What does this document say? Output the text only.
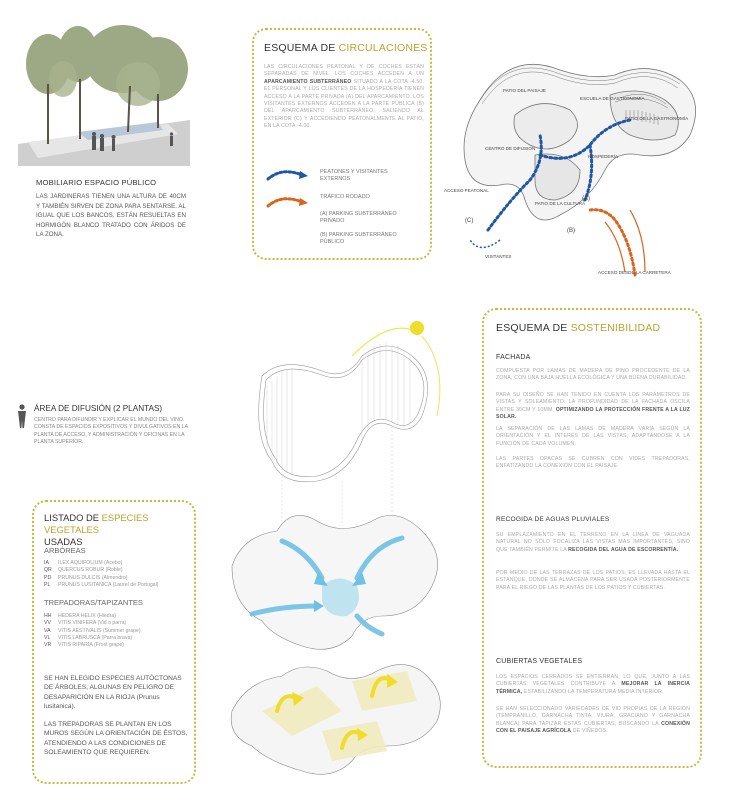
MOBILIARIO ESPACIO PÚBLICO
LAS JARDINERAS TIENEN UNA ALTURA DE 40CM Y TAMBIÉN SIRVEN DE ZONA PARA SENTARSE. AL IGUAL QUE LOS BANCOS, ESTÁN RESUELTAS EN HORMIGÓN BLANCO TRATADO CON ÁRIDOS DE LA ZONA.
ESQUEMA DE CIRCULACIONES
LAS CIRCULACIONES PEATONAL Y DE COCHES ESTÁN SEPARADAS DE NIVEL. LOS COCHES ACCEDEN A UN APARCAMIENTO SUBTERRÁNEO SITUADO A LA COTA -4.50. EL PERSONAL Y LOS CLIENTES DE LA HOSPEDERÍA TIENEN ACCESO A LA PARTE PRIVADA (A) DEL APARCAMIENTO. LOS VISITANTES EXTERNOS ACCEDEN A LA PARTE PÚBLICA (B) DEL APARCAMIENTO SUBTERRÁNEO, SALIENDO AL EXTERIOR (C) Y ACCEDIENDO PEATONALMENTE AL PATIO, EN LA COTA -4.00.
PEATONES Y VISITANTES EXTERNOS
TRÁFICO RODADO
(A) PARKING SUBTERRÁNEO PRIVADO
(B) PARKING SUBTERRÁNEO PÚBLICO
PATIO DEL PAISAJE
ESCUELA DE GASTRONOMÍA
PATIO DE LA GASTRONOMÍA
CENTRO DE DIFUSIÓN
HOSPEDERÍA
ACCESO PEATONAL
PATIO DE LA CULTURA
(A)
(B)
(C)
VISITANTES
ACCESO DESDE LA CARRETERA
ÁREA DE DIFUSIÓN (2 PLANTAS)
CENTRO PARA DIFUNDIR Y EXPLICAR EL MUNDO DEL VINO. CONSTA DE ESPACIOS EXPOSITIVOS Y DIVULGATIVOS EN LA PLANTA DE ACCESO, Y ADMINISTRACIÓN Y OFICINAS EN LA PLANTA SUPERIOR.
LISTADO DE ESPECIES VEGETALES
USADAS
ARBÓREAS
IA ILEX AQUIFOLIUM (Acebo)
QR QUERCUS ROBUR (Roble)
PD PRUNUS DULCIS (Almendro)
PL PRUNUS LUSITANICA (Laurel de Portugal)
TREPADORAS/TAPIZANTES
HH HEDERA HELIX (Hiedra)
VV VITIS VINIFERA (Vid o parra)
VA VITIS AESTIVALIS (Summer grape)
VL VITIS LABRUSCA (Parra brava)
VR VITIS RIPARIA (Frost grape)
SE HAN ELEGIDO ESPECIES AUTÓCTONAS DE ÁRBOLES, ALGUNAS EN PELIGRO DE DESAPARICIÓN EN LA RIOJA (Prunus lusitanica).
LAS TREPADORAS SE PLANTAN EN LOS MUROS SEGÚN LA ORIENTACIÓN DE ÉSTOS, ATENDIENDO A LAS CONDICIONES DE SOLEAMIENTO QUE REQUIEREN.
ESQUEMA DE SOSTENIBILIDAD
FACHADA
COMPUESTA POR LAMAS DE MADERA DE PINO PROCEDENTE DE LA ZONA, CON UNA BAJA HUELLA ECOLÓGICA Y UNA BUENA DURABILIDAD.
PARA SU DISEÑO SE HAN TENIDO EN CUENTA LOS PARÁMETROS DE VISTAS Y SOLEAMIENTO. LA PROFUNDIDAD DE LA FACHADA OSCILA ENTRE 30CM Y 10MM, OPTIMIZANDO LA PROTECCIÓN FRENTE A LA LUZ SOLAR.
LA SEPARACIÓN DE LAS LAMAS DE MADERA VARÍA SEGÚN LA ORIENTACIÓN Y EL INTERÉS DE LAS VISTAS, ADAPTÁNDOSE A LA FUNCIÓN DE CADA VOLUMEN.
LAS PARTES OPACAS SE CUBREN CON VIDES TREPADORAS, ENFATIZANDO LA CONEXIÓN CON EL PAISAJE.
RECOGIDA DE AGUAS PLUVIALES
SU EMPLAZAMIENTO EN EL TERRENO EN LA LÍNEA DE VAGUADA NATURAL NO SÓLO FOCALIZA LAS VISTAS MÁS IMPORTANTES, SINO QUE TAMBIÉN PERMITE LA RECOGIDA DEL AGUA DE ESCORRENTÍA.
POR MEDIO DE LAS TERRAZAS DE LOS PATIOS, ES LLEVADA HASTA EL ESTANQUE, DONDE SE ALMACENA PARA SER USADA POSTERIORMENTE PARA EL RIEGO DE LAS PLANTAS DE LOS PATIOS Y CUBIERTAS.
CUBIERTAS VEGETALES
LOS ESPACIOS CERRADOS SE ENTIERRAN, LO QUE, JUNTO A LAS CUBIERTAS VEGETALES CONTRIBUYE A MEJORAR LA INERCIA TÉRMICA, ESTABILIZANDO LA TEMPERATURA MEDIA INTERIOR.
SE HAN SELECCIONADO VARIEDADES DE VID PROPIAS DE LA REGIÓN (TEMPRANILLO, GARNACHA TINTA, VIURA, GRACIANO Y GARNACHA BLANCA) PARA TAPIZAR ESTAS CUBIERTAS, BUSCANDO LA CONEXIÓN CON EL PAISAJE AGRÍCOLA DE VIÑEDOS.
